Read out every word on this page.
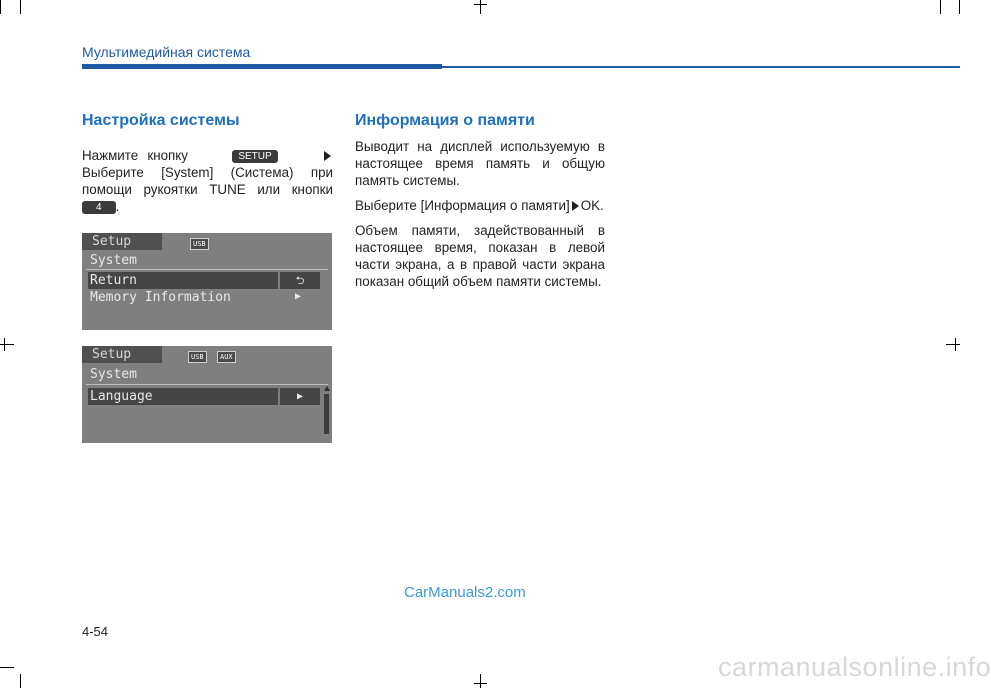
Мультимедийная система
Настройка системы

Нажмите кнопку	SETUP   Выберите [System] (Система) при помощи рукоятки TUNE или кнопки 4 .

Setup	USB
System
Return	⮌
Memory Information	▶
Setup	USB	AUX
System
Language	▶
Информация о памяти

Выводит на дисплей используемую в настоящее время память и общую память системы.

Выберите [Информация о памяти] OK.

Объем памяти, задействованный в настоящее время, показан в левой части экрана, а в правой части экрана показан общий объем памяти системы.

CarManuals2.com
4-54
carmanualsonline.info
